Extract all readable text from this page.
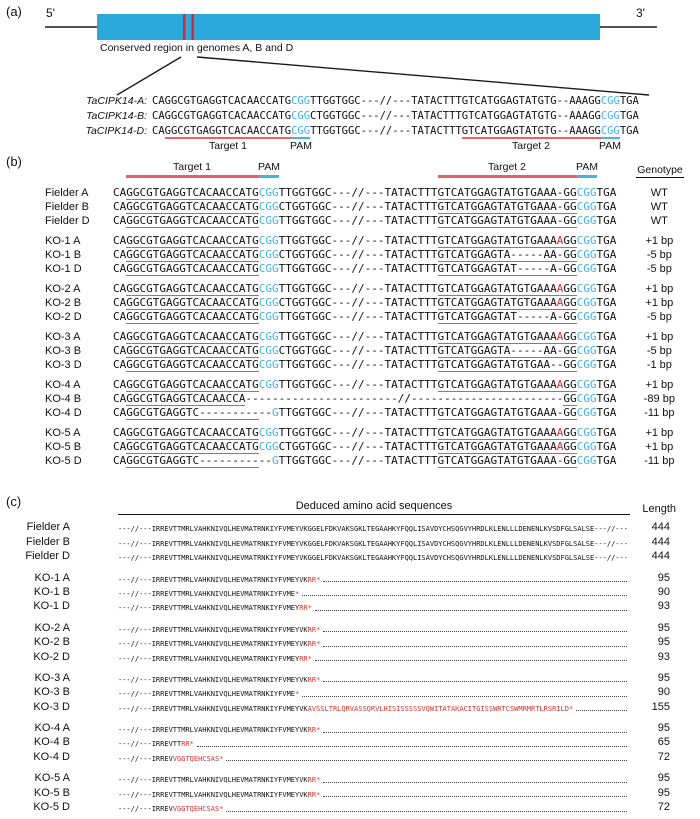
(a) 5'	3'
Conserved region in genomes A, B and D
TaCIPK14-A: CAGGCGTGAGGTCACAACCATGCGGTTGGTGGC---//---TATACTTTGTCATGGAGTATGTG--AAAGGCGGTGA
TaCIPK14-B: CAGGCGTGAGGTCACAACCATGCGGCTGGTGGC---//---TATACTTTGTCATGGAGTATGTG--AAAGGCGGTGA
TaCIPK14-D: CAGGCGTGAGGTCACAACCATGCGGTTGGTGGC---//---TATACTTTGTCATGGAGTATGTG--AAAGGCGGTGA
Target 1	PAM	Target 2	PAM
(b)	Target 1	PAM	Target 2	PAM	Genotype
Fielder A	CAGGCGTGAGGTCACAACCATGCGGTTGGTGGC---//---TATACTTTGTCATGGAGTATGTGAAA-GGCGGTGA	WT
Fielder B	CAGGCGTGAGGTCACAACCATGCGGCTGGTGGC---//---TATACTTTGTCATGGAGTATGTGAAA-GGCGGTGA	WT
Fielder D	CAGGCGTGAGGTCACAACCATGCGGTTGGTGGC---//---TATACTTTGTCATGGAGTATGTGAAA-GGCGGTGA	WT
KO-1 A	CAGGCGTGAGGTCACAACCATGCGGTTGGTGGC---//---TATACTTTGTCATGGAGTATGTGAAAAGGCGGTGA	+1 bp
KO-1 B	CAGGCGTGAGGTCACAACCATGCGGCTGGTGGC---//---TATACTTTGTCATGGAGTA-----AA-GGCGGTGA	-5 bp
KO-1 D	CAGGCGTGAGGTCACAACCATGCGGTTGGTGGC---//---TATACTTTGTCATGGAGTAT-----A-GGCGGTGA	-5 bp
KO-2 A	CAGGCGTGAGGTCACAACCATGCGGTTGGTGGC---//---TATACTTTGTCATGGAGTATGTGAAAAGGCGGTGA	+1 bp
KO-2 B	CAGGCGTGAGGTCACAACCATGCGGCTGGTGGC---//---TATACTTTGTCATGGAGTATGTGAAAAGGCGGTGA	+1 bp
KO-2 D	CAGGCGTGAGGTCACAACCATGCGGTTGGTGGC---//---TATACTTTGTCATGGAGTAT-----A-GGCGGTGA	-5 bp
KO-3 A	CAGGCGTGAGGTCACAACCATGCGGTTGGTGGC---//---TATACTTTGTCATGGAGTATGTGAAAAGGCGGTGA	+1 bp
KO-3 B	CAGGCGTGAGGTCACAACCATGCGGCTGGTGGC---//---TATACTTTGTCATGGAGTA-----AA-GGCGGTGA	-5 bp
KO-3 D	CAGGCGTGAGGTCACAACCATGCGGTTGGTGGC---//---TATACTTTGTCATGGAGTATGTGAA--GGCGGTGA	-1 bp
KO-4 A	CAGGCGTGAGGTCACAACCATGCGGTTGGTGGC---//---TATACTTTGTCATGGAGTATGTGAAAAGGCGGTGA	+1 bp
KO-4 B	CAGGCGTGAGGTCACAACCA-----------------------//-----------------------GGCGGTGA	-89 bp
KO-4 D	CAGGCGTGAGGTC-----------GTTGGTGGC---//---TATACTTTGTCATGGAGTATGTGAAA-GGCGGTGA	-11 bp
KO-5 A	CAGGCGTGAGGTCACAACCATGCGGTTGGTGGC---//---TATACTTTGTCATGGAGTATGTGAAAAGGCGGTGA	+1 bp
KO-5 B	CAGGCGTGAGGTCACAACCATGCGGCTGGTGGC---//---TATACTTTGTCATGGAGTATGTGAAAAGGCGGTGA	+1 bp
KO-5 D	CAGGCGTGAGGTC-----------GTTGGTGGC---//---TATACTTTGTCATGGAGTATGTGAAA-GGCGGTGA	-11 bp
(c)	Deduced amino acid sequences	Length
Fielder A	---//---IRREVTTMRLVAHKNIVQLHEVMATRNKIYFVMEYVKGGELFDKVAKSGKLTEGAAHKYFQQLISAVDYCHSQGVYHRDLKLENLLLDENENLKVSDFGLSALSE---//---	444
Fielder B	---//---IRREVTTMRLVAHKNIVQLHEVMATRNKIYFVMEYVKGGELFDKVAKSGKLTEGAAHKYFQQLISAVDYCHSQGVYHRDLKLENLLLDENENLKVSDFGLSALSE---//---	444
Fielder D	---//---IRREVTTMRLVAHKNIVQLHEVMATRNKIYFVMEYVKGGELFDKVAKSGKLTEGAAHKYFQQLISAVDYCHSQGVYHRDLKLENLLLDENENLKVSDFGLSALSE---//---	444
KO-1 A	---//---IRREVTTMRLVAHKNIVQLHEVMATRNKIYFVMEYVK RR*	95
KO-1 B	---//---IRREVTTMRLVAHKNIVQLHEVMATRNKIYFVME *	90
KO-1 D	---//---IRREVTTMRLVAHKNIVQLHEVMATRNKIYFVMEY RR*	93
KO-2 A	---//---IRREVTTMRLVAHKNIVQLHEVMATRNKIYFVMEYVK RR*	95
KO-2 B	---//---IRREVTTMRLVAHKNIVQLHEVMATRNKIYFVMEYVK RR*	95
KO-2 D	---//---IRREVTTMRLVAHKNIVQLHEVMATRNKIYFVMEY RR*	93
KO-3 A	---//---IRREVTTMRLVAHKNIVQLHEVMATRNKIYFVMEYVK RR*	95
KO-3 B	---//---IRREVTTMRLVAHKNIVQLHEVMATRNKIYFVME *	90
KO-3 D	---//---IRREVTTMRLVAHKNIVQLHEVMATRNKIYFVMEYVK AVSSLTRLQRVASSQRVLHISISSSSSVQWITATAKACITGISSWRTCSWMRMRTLRSRILD*	155
KO-4 A	---//---IRREVTTMRLVAHKNIVQLHEVMATRNKIYFVMEYVK RR*	95
KO-4 B	---//---IRREVTT RR*	65
KO-4 D	---//---IRREV VGGTQEHCSAS*	72
KO-5 A	---//---IRREVTTMRLVAHKNIVQLHEVMATRNKIYFVMEYVK RR*	95
KO-5 B	---//---IRREVTTMRLVAHKNIVQLHEVMATRNKIYFVMEYVK RR*	95
KO-5 D	---//---IRREV VGGTQEHCSAS*	72
